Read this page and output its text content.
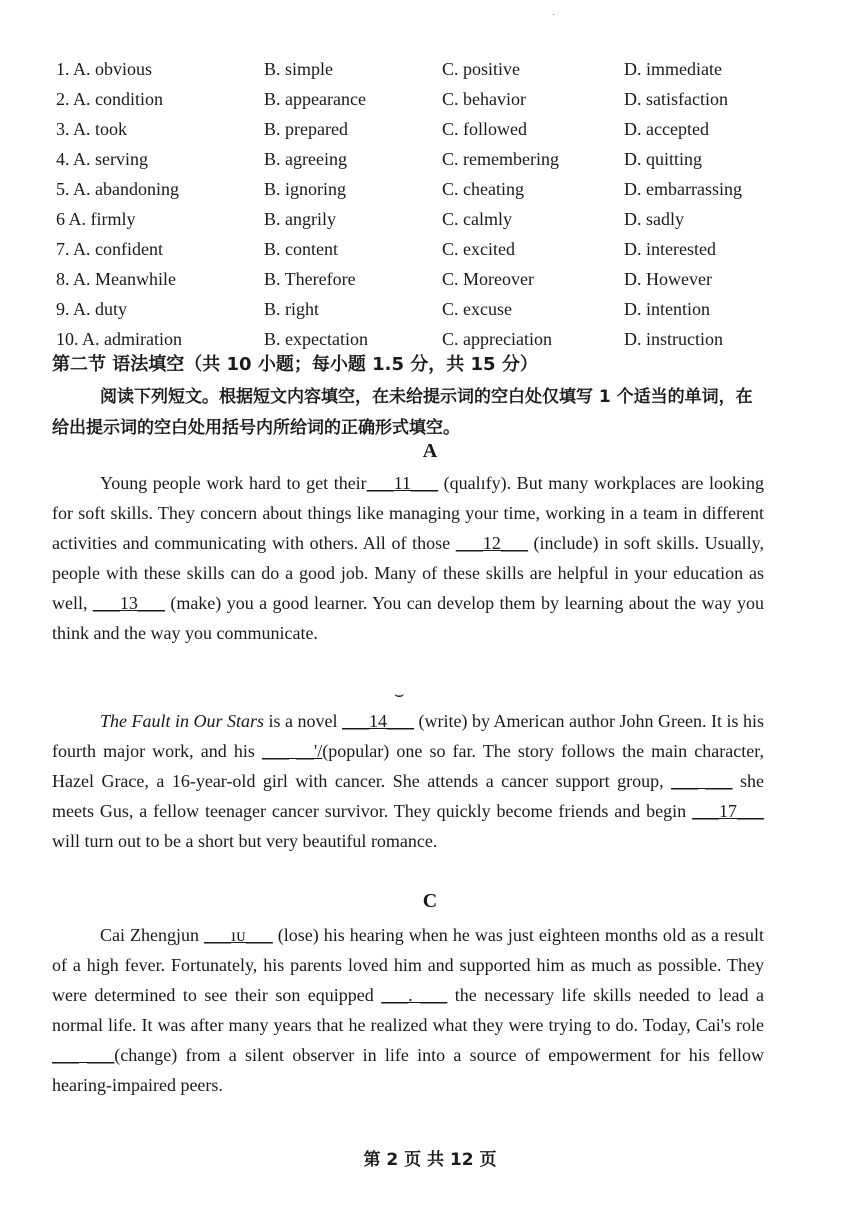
·
1. A. obvious	B. simple	C. positive	D. immediate
2. A. condition	B. appearance	C. behavior	D. satisfaction
3. A. took	B. prepared	C. followed	D. accepted
4. A. serving	B. agreeing	C. remembering	D. quitting
5. A. abandoning	B. ignoring	C. cheating	D. embarrassing
6 A. firmly	B. angrily	C. calmly	D. sadly
7. A. confident	B. content	C. excited	D. interested
8. A. Meanwhile	B. Therefore	C. Moreover	D. However
9. A. duty	B. right	C. excuse	D. intention
10. A. admiration	B. expectation	C. appreciation	D. instruction
第二节 语法填空（共 10 小题；每小题 1.5 分，共 15 分）
阅读下列短文。根据短文内容填空，在未给提示词的空白处仅填写 1 个适当的单词，在给出提示词的空白处用括号内所给词的正确形式填空。
A

Young people work hard to get their___11___ (qualıfy). But many workplaces are looking for soft skills. They concern about things like managing your time, working in a team in different activities and communicating with others. All of those ___12___ (include) in soft skills. Usually, people with these skills can do a good job. Many of these skills are helpful in your education as well, ___13___ (make) you a good learner. You can develop them by learning about the way you think and the way you communicate.

⌣

The Fault in Our Stars is a novel ___14___ (write) by American author John Green. It is his fourth major work, and his ___ __'/(popular) one so far. The story follows the main character, Hazel Grace, a 16-year-old girl with cancer. She attends a cancer support group, ___ ___ she meets Gus, a fellow teenager cancer survivor. They quickly become friends and begin ___17___ will turn out to be a short but very beautiful romance.

C

Cai Zhengjun ___ıᴜ___ (lose) his hearing when he was just eighteen months old as a result of a high fever. Fortunately, his parents loved him and supported him as much as possible. They were determined to see their son equipped ___. ___ the necessary life skills needed to lead a normal life. It was after many years that he realized what they were trying to do. Today, Cai's role ___ ___(change) from a silent observer in life into a source of empowerment for his fellow hearing-impaired peers.

第 2 页 共 12 页
